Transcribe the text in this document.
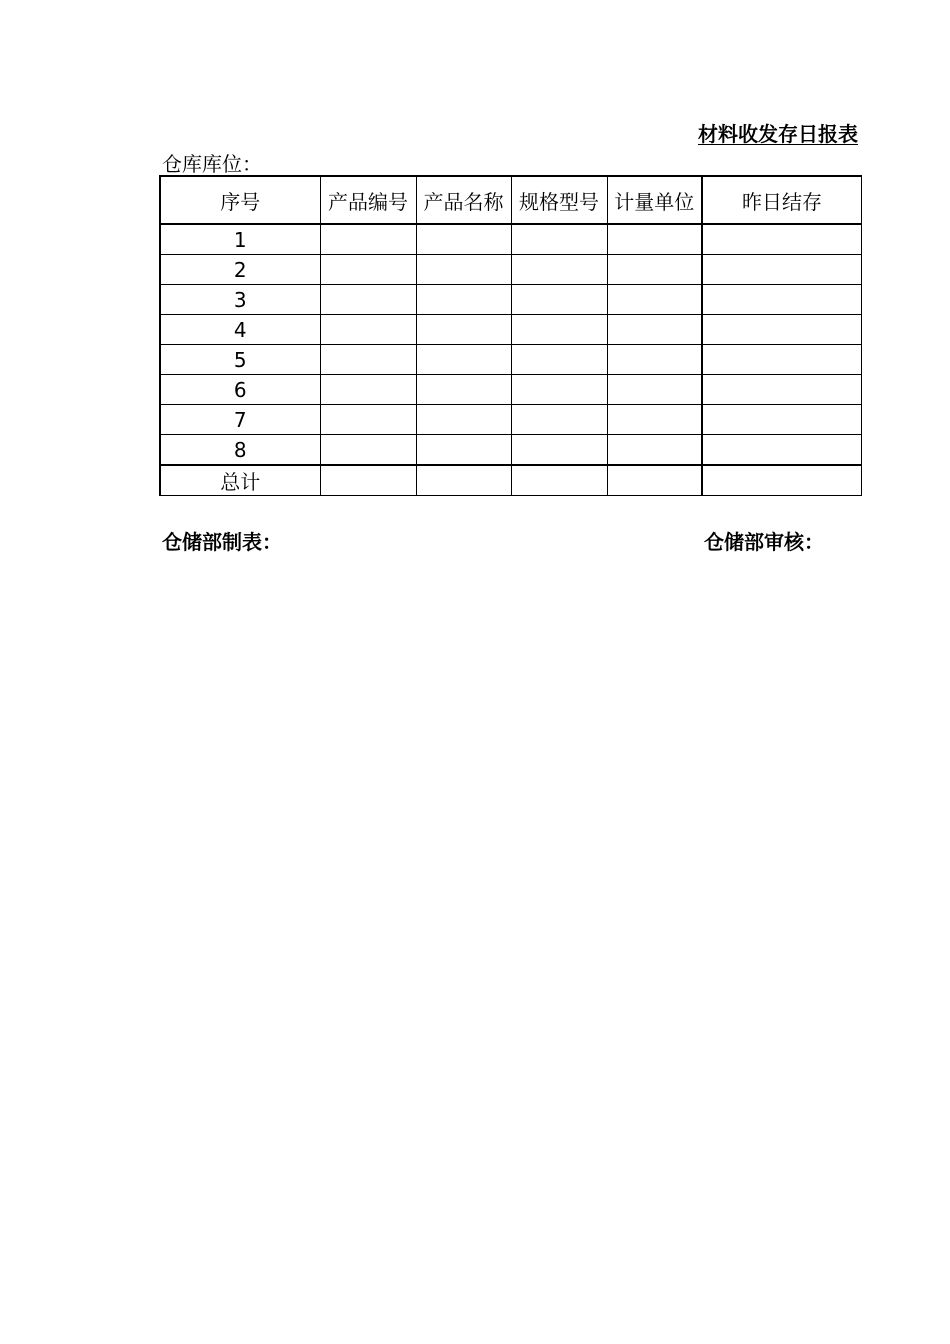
材料收发存日报表
仓库库位：
序号	产品编号	产品名称	规格型号	计量单位	昨日结存	
1						
2						
3						
4						
5						
6						
7						
8						
总计						
仓储部制表：	仓储部审核：
